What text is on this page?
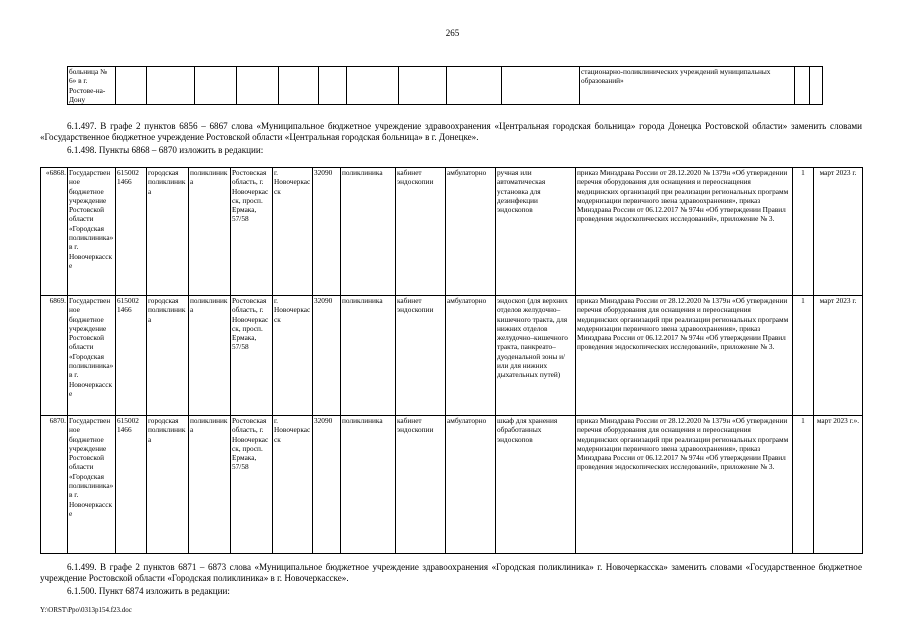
265
больница № 6» в г. Ростове-на-Дону											стационарно-поликлинических учреждений муниципальных образований»		
6.1.497. В графе 2 пунктов 6856 – 6867 слова «Муниципальное бюджетное учреждение здравоохранения «Центральная городская больница» города Донецка Ростовской области» заменить словами «Государственное бюджетное учреждение Ростовской области «Центральная городская больница» в г. Донецке».
6.1.498. Пункты 6868 – 6870 изложить в редакции:
«6868.	Государственное бюджетное учреждение Ростовской области «Городская поликлиника» в г. Новочеркасске	615002 1466	городская поликлиника	поликлиника	Ростовская область, г. Новочеркасск, просп. Ермака, 57/58	г. Новочеркасск	32090	поликлиника	кабинет эндоскопии	амбулаторно	ручная или автоматическая установка для дезинфекции эндоскопов	приказ Минздрава России от 28.12.2020 № 1379н «Об утверждении перечня оборудования для оснащения и переоснащения медицинских организаций при реализации региональных программ модернизации первичного звена здравоохранения», приказ Минздрава России от 06.12.2017 № 974н «Об утверждении Правил проведения эндоскопических исследований», приложение № 3.	1	март 2023 г.
6869.	Государственное бюджетное учреждение Ростовской области «Городская поликлиника» в г. Новочеркасске	615002 1466	городская поликлиника	поликлиника	Ростовская область, г. Новочеркасск, просп. Ермака, 57/58	г. Новочеркасск	32090	поликлиника	кабинет эндоскопии	амбулаторно	эндоскоп (для верхних отделов желудочно–кишечного тракта, для нижних отделов желудочно–кишечного тракта, панкреато–дуоденальной зоны и/или для нижних дыхательных путей)	приказ Минздрава России от 28.12.2020 № 1379н «Об утверждении перечня оборудования для оснащения и переоснащения медицинских организаций при реализации региональных программ модернизации первичного звена здравоохранения», приказ Минздрава России от 06.12.2017 № 974н «Об утверждении Правил проведения эндоскопических исследований», приложение № 3.	1	март 2023 г.
6870.	Государственное бюджетное учреждение Ростовской области «Городская поликлиника» в г. Новочеркасске	615002 1466	городская поликлиника	поликлиника	Ростовская область, г. Новочеркасск, просп. Ермака, 57/58	г. Новочеркасск	32090	поликлиника	кабинет эндоскопии	амбулаторно	шкаф для хранения обработанных эндоскопов	приказ Минздрава России от 28.12.2020 № 1379н «Об утверждении перечня оборудования для оснащения и переоснащения медицинских организаций при реализации региональных программ модернизации первичного звена здравоохранения», приказ Минздрава России от 06.12.2017 № 974н «Об утверждении Правил проведения эндоскопических исследований», приложение № 3.	1	март 2023 г.».
6.1.499. В графе 2 пунктов 6871 – 6873 слова «Муниципальное бюджетное учреждение здравоохранения «Городская поликлиника» г. Новочеркасска» заменить словами «Государственное бюджетное учреждение Ростовской области «Городская поликлиника» в г. Новочеркасске».
6.1.500. Пункт 6874 изложить в редакции:
Y:\ORST\Ppo\0313p154.f23.doc
